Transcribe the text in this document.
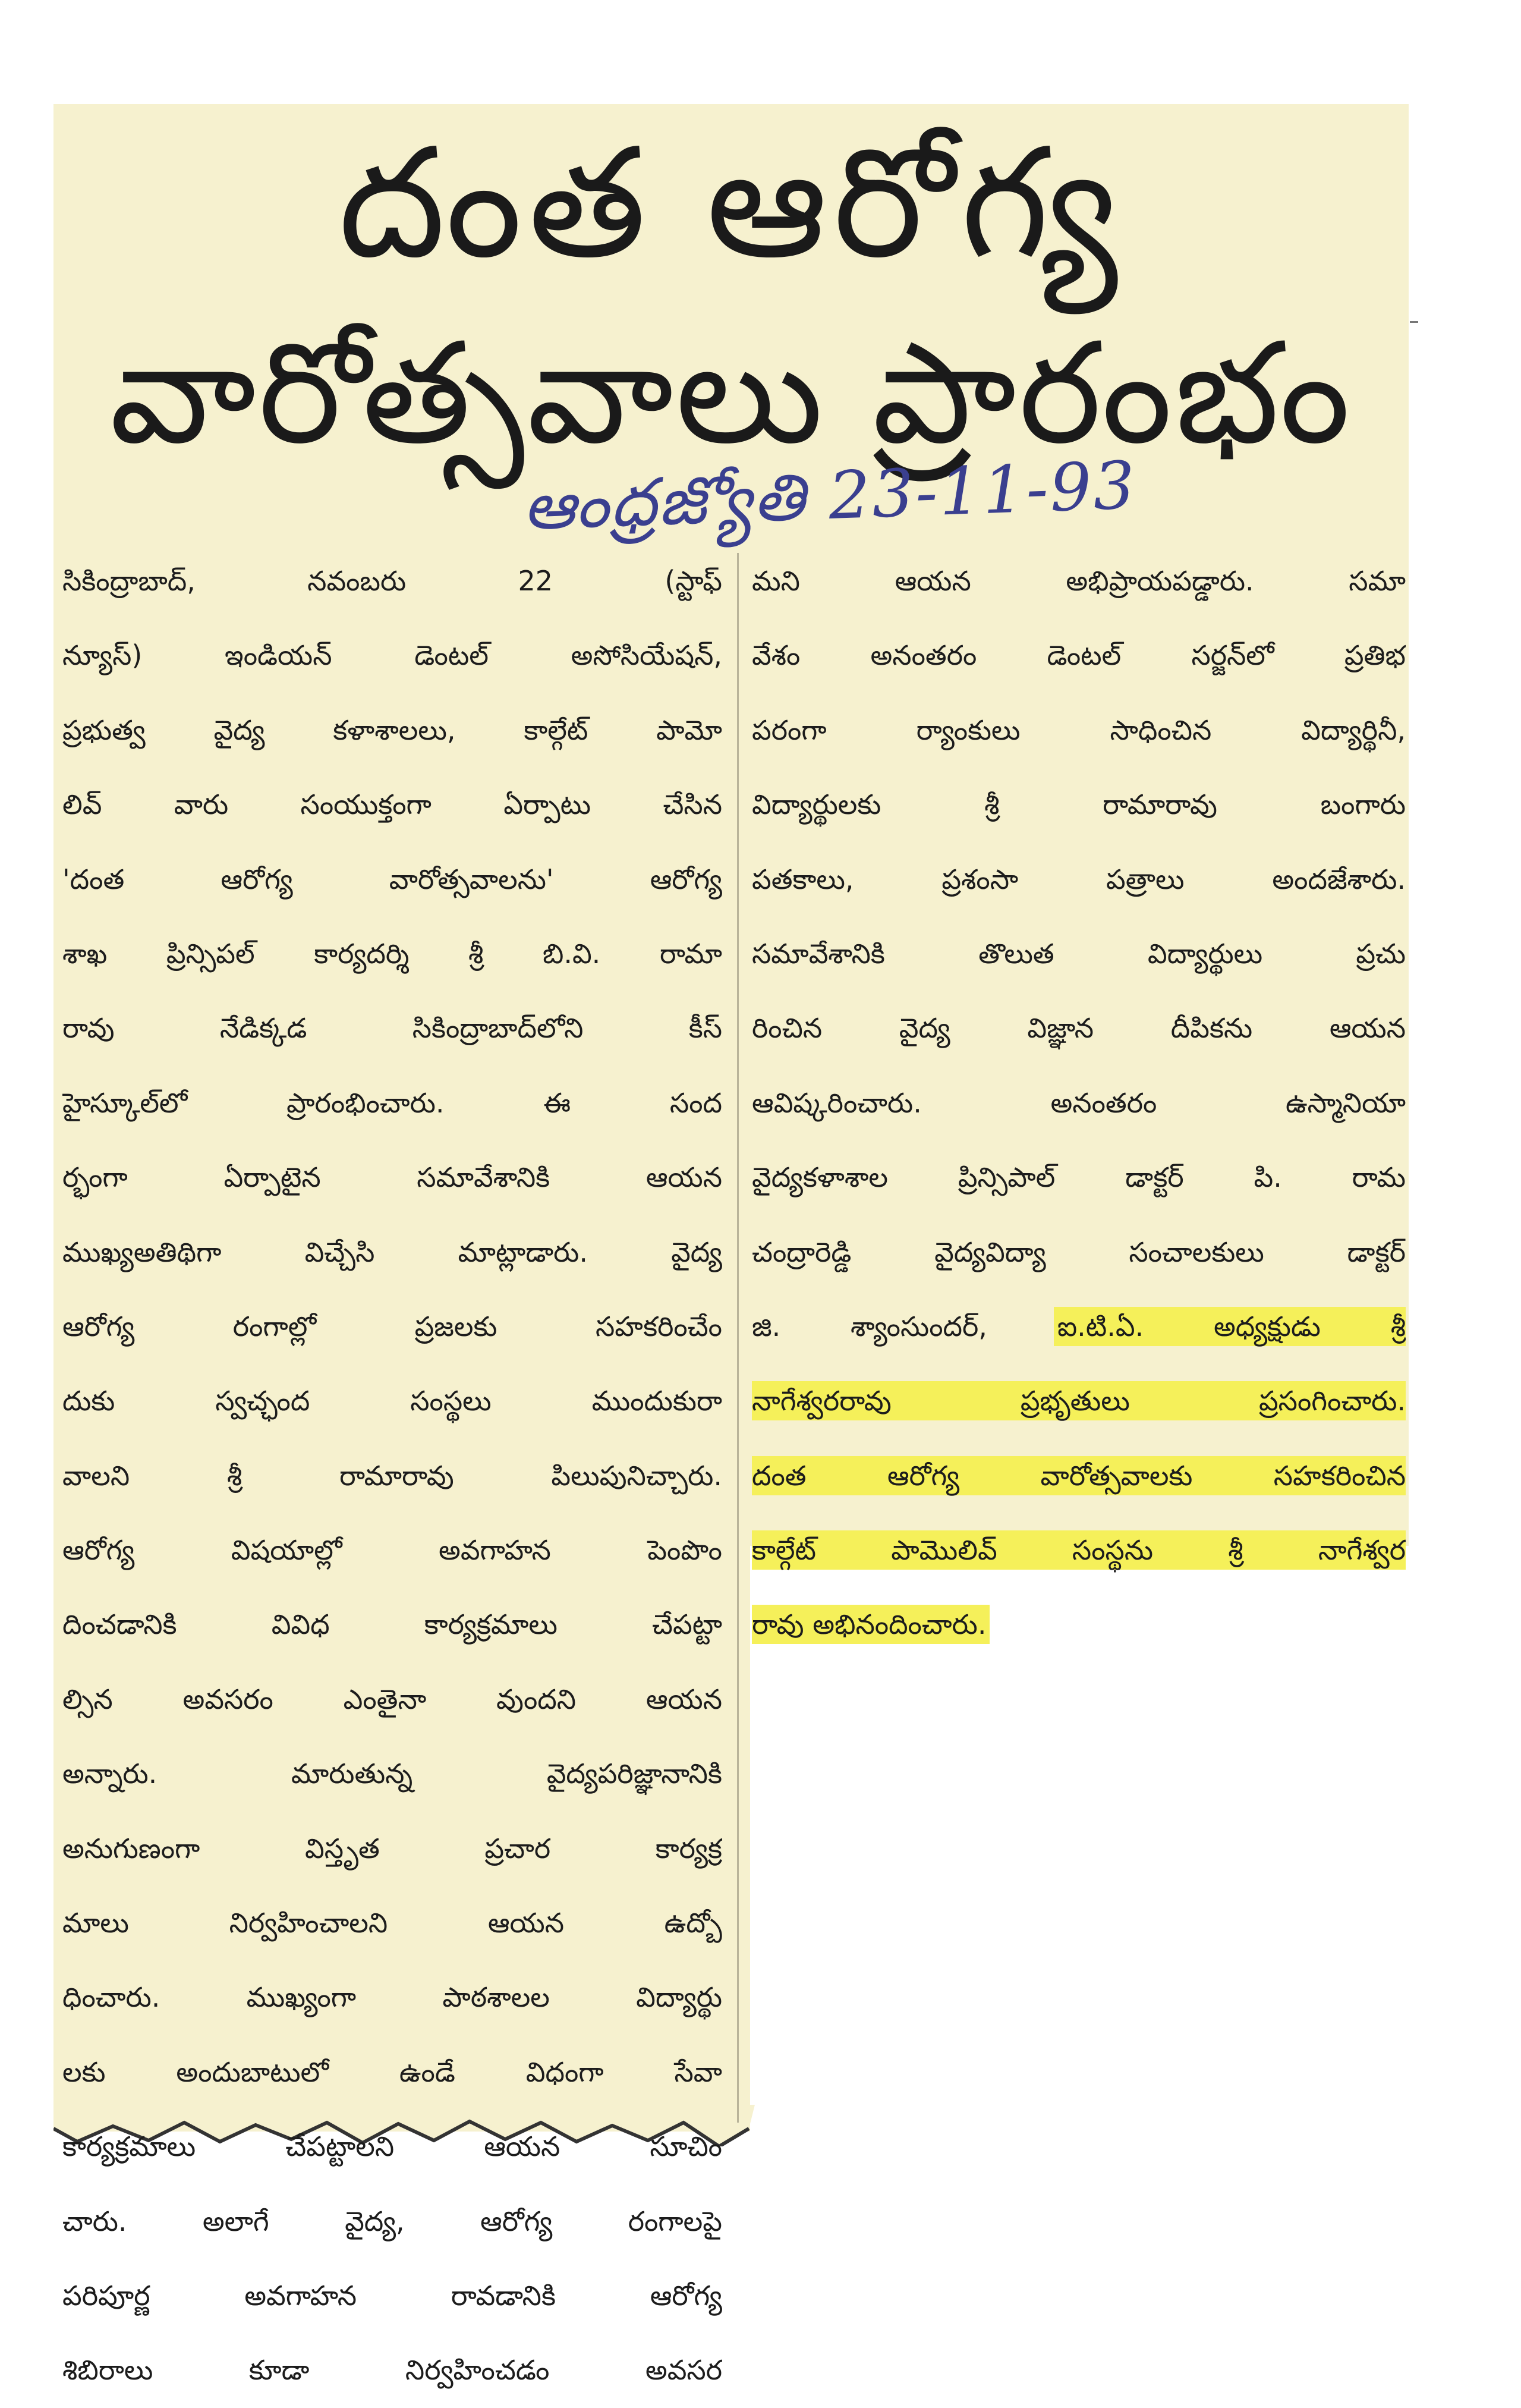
దంత ఆరోగ్య
వారోత్సవాలు ప్రారంభం
ఆంధ్రజ్యోతి 23-11-93
సికింద్రాబాద్, నవంబరు 22 (స్టాఫ్
న్యూస్) ఇండియన్ డెంటల్ అసోసియేషన్,
ప్రభుత్వ వైద్య కళాశాలలు, కాల్గేట్ పామో
లివ్ వారు సంయుక్తంగా ఏర్పాటు చేసిన
'దంత ఆరోగ్య వారోత్సవాలను' ఆరోగ్య
శాఖ ప్రిన్సిపల్ కార్యదర్శి శ్రీ బి.వి. రామా
రావు నేడిక్కడ సికింద్రాబాద్‌లోని కీస్
హైస్కూల్‌లో ప్రారంభించారు. ఈ సంద
ర్భంగా ఏర్పాటైన సమావేశానికి ఆయన
ముఖ్యఅతిథిగా విచ్చేసి మాట్లాడారు. వైద్య
ఆరోగ్య రంగాల్లో ప్రజలకు సహకరించేం
దుకు స్వచ్ఛంద సంస్థలు ముందుకురా
వాలని శ్రీ రామారావు పిలుపునిచ్చారు.
ఆరోగ్య విషయాల్లో అవగాహన పెంపొం
దించడానికి వివిధ కార్యక్రమాలు చేపట్టా
ల్సిన అవసరం ఎంతైనా వుందని ఆయన
అన్నారు. మారుతున్న వైద్యపరిజ్ఞానానికి
అనుగుణంగా విస్తృత ప్రచార కార్యక్ర
మాలు నిర్వహించాలని ఆయన ఉద్బో
ధించారు. ముఖ్యంగా పాఠశాలల విద్యార్థు
లకు అందుబాటులో ఉండే విధంగా సేవా
కార్యక్రమాలు చేపట్టాలని ఆయన సూచిం
చారు. అలాగే వైద్య, ఆరోగ్య రంగాలపై
పరిపూర్ణ అవగాహన రావడానికి ఆరోగ్య
శిబిరాలు కూడా నిర్వహించడం అవసర
మని ఆయన అభిప్రాయపడ్డారు. సమా
వేశం అనంతరం డెంటల్ సర్జన్‌లో ప్రతిభ
పరంగా ర్యాంకులు సాధించిన విద్యార్థినీ,
విద్యార్థులకు శ్రీ రామారావు బంగారు
పతకాలు, ప్రశంసా పత్రాలు అందజేశారు.
సమావేశానికి తొలుత విద్యార్థులు ప్రచు
రించిన వైద్య విజ్ఞాన దీపికను ఆయన
ఆవిష్కరించారు. అనంతరం ఉస్మానియా
వైద్యకళాశాల ప్రిన్సిపాల్ డాక్టర్ పి. రామ
చంద్రారెడ్డి వైద్యవిద్యా సంచాలకులు డాక్టర్
జి. శ్యాంసుందర్,	ఐ.టి.ఏ. అధ్యక్షుడు శ్రీ
నాగేశ్వరరావు ప్రభృతులు ప్రసంగించారు.
దంత ఆరోగ్య వారోత్సవాలకు సహకరించిన
కాల్గేట్ పామొలివ్ సంస్థను శ్రీ నాగేశ్వర
రావు అభినందించారు.
